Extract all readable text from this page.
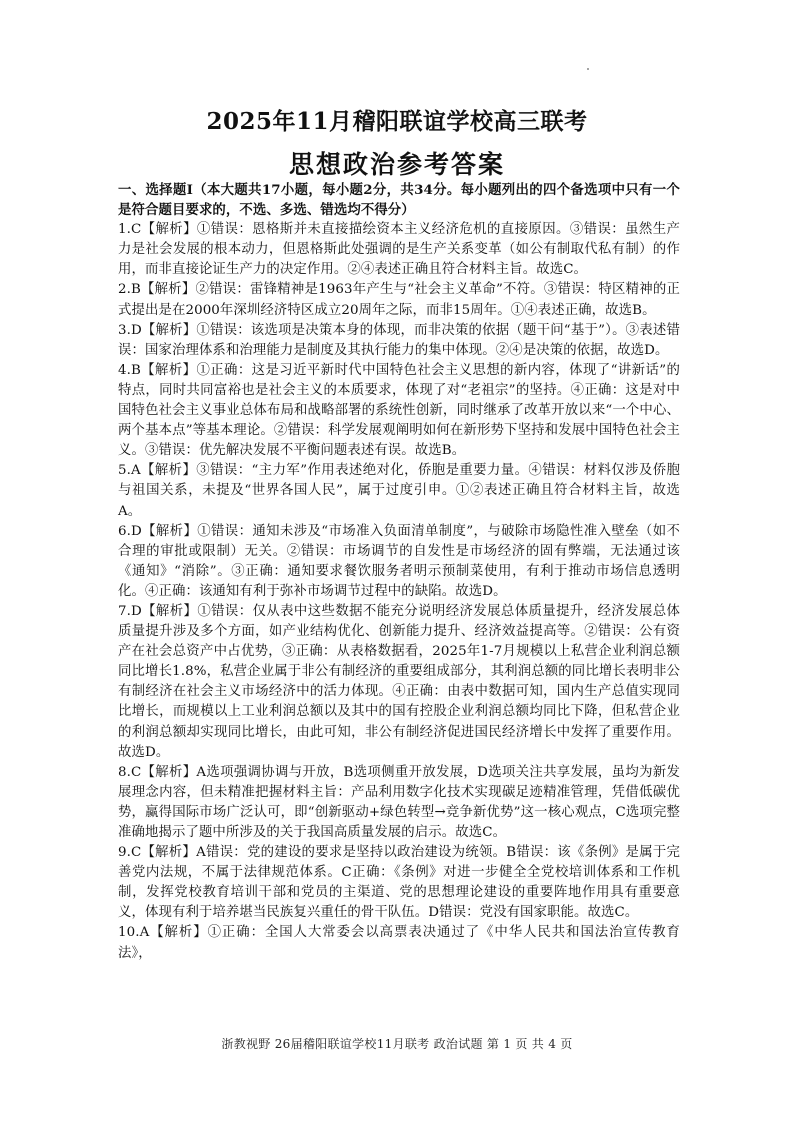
2025年11月稽阳联谊学校高三联考
思想政治参考答案

一、选择题Ⅰ（本大题共17小题，每小题2分，共34分。每小题列出的四个备选项中只有一个是符合题目要求的，不选、多选、错选均不得分）

1.C【解析】①错误：恩格斯并未直接描绘资本主义经济危机的直接原因。③错误：虽然生产力是社会发展的根本动力，但恩格斯此处强调的是生产关系变革（如公有制取代私有制）的作用，而非直接论证生产力的决定作用。②④表述正确且符合材料主旨。故选C。

2.B【解析】②错误：雷锋精神是1963年产生与“社会主义革命”不符。③错误：特区精神的正式提出是在2000年深圳经济特区成立20周年之际，而非15周年。①④表述正确，故选B。

3.D【解析】①错误：该选项是决策本身的体现，而非决策的依据（题干问“基于”）。③表述错误：国家治理体系和治理能力是制度及其执行能力的集中体现。②④是决策的依据，故选D。

4.B【解析】①正确：这是习近平新时代中国特色社会主义思想的新内容，体现了“讲新话”的特点，同时共同富裕也是社会主义的本质要求，体现了对“老祖宗”的坚持。④正确：这是对中国特色社会主义事业总体布局和战略部署的系统性创新，同时继承了改革开放以来“一个中心、两个基本点”等基本理论。②错误：科学发展观阐明如何在新形势下坚持和发展中国特色社会主义。③错误：优先解决发展不平衡问题表述有误。故选B。

5.A【解析】③错误：“主力军”作用表述绝对化，侨胞是重要力量。④错误：材料仅涉及侨胞与祖国关系，未提及“世界各国人民”，属于过度引申。①②表述正确且符合材料主旨，故选A。

6.D【解析】①错误：通知未涉及“市场准入负面清单制度”，与破除市场隐性准入壁垒（如不合理的审批或限制）无关。②错误：市场调节的自发性是市场经济的固有弊端，无法通过该《通知》“消除”。③正确：通知要求餐饮服务者明示预制菜使用，有利于推动市场信息透明化。④正确：该通知有利于弥补市场调节过程中的缺陷。故选D。

7.D【解析】①错误：仅从表中这些数据不能充分说明经济发展总体质量提升，经济发展总体质量提升涉及多个方面，如产业结构优化、创新能力提升、经济效益提高等。②错误：公有资产在社会总资产中占优势，③正确：从表格数据看，2025年1-7月规模以上私营企业利润总额同比增长1.8%，私营企业属于非公有制经济的重要组成部分，其利润总额的同比增长表明非公有制经济在社会主义市场经济中的活力体现。④正确：由表中数据可知，国内生产总值实现同比增长，而规模以上工业利润总额以及其中的国有控股企业利润总额均同比下降，但私营企业的利润总额却实现同比增长，由此可知，非公有制经济促进国民经济增长中发挥了重要作用。故选D。

8.C【解析】A选项强调协调与开放，B选项侧重开放发展，D选项关注共享发展，虽均为新发展理念内容，但未精准把握材料主旨：产品利用数字化技术实现碳足迹精准管理，凭借低碳优势，赢得国际市场广泛认可，即“创新驱动+绿色转型→竞争新优势”这一核心观点，C选项完整准确地揭示了题中所涉及的关于我国高质量发展的启示。故选C。

9.C【解析】A错误：党的建设的要求是坚持以政治建设为统领。B错误：该《条例》是属于完善党内法规，不属于法律规范体系。C正确：《条例》对进一步健全全党校培训体系和工作机制，发挥党校教育培训干部和党员的主渠道、党的思想理论建设的重要阵地作用具有重要意义，体现有利于培养堪当民族复兴重任的骨干队伍。D错误：党没有国家职能。故选C。

10.A【解析】①正确：全国人大常委会以高票表决通过了《中华人民共和国法治宣传教育法》，

浙教视野 26届稽阳联谊学校11月联考 政治试题 第 1 页 共 4 页
